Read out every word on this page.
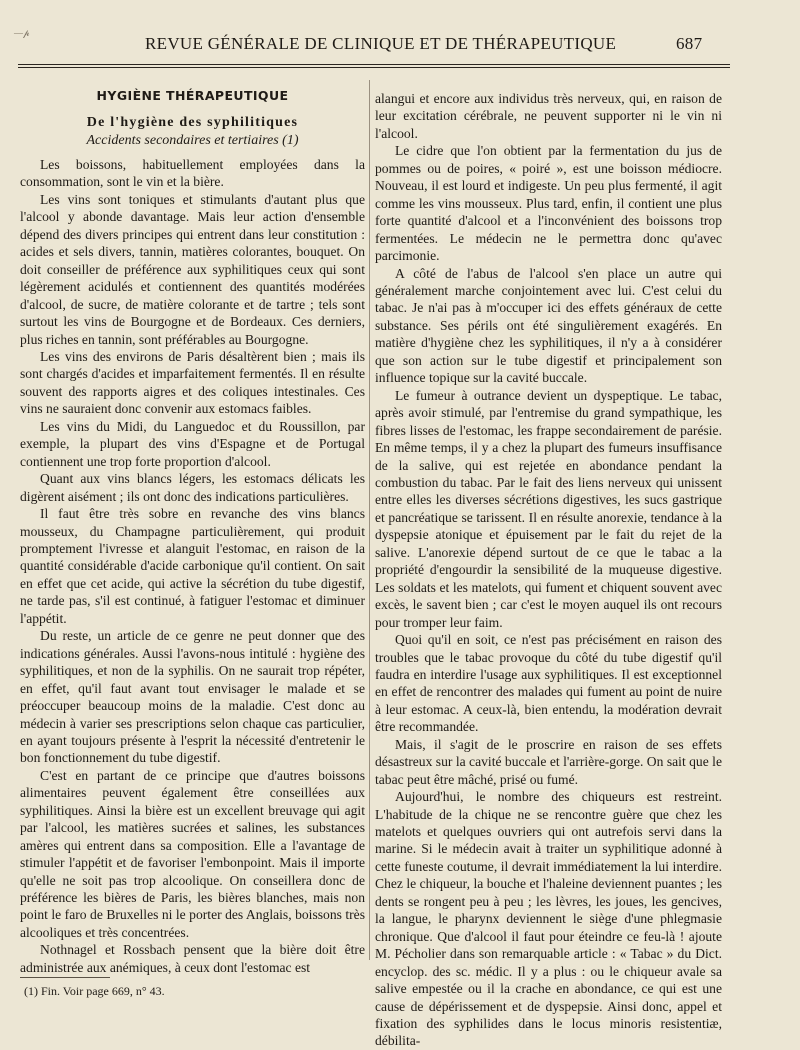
—𝓅
REVUE GÉNÉRALE DE CLINIQUE ET DE THÉRAPEUTIQUE	687
HYGIÈNE THÉRAPEUTIQUE
De l'hygiène des syphilitiques
Accidents secondaires et tertiaires (1)

Les boissons, habituellement employées dans la consommation, sont le vin et la bière.

Les vins sont toniques et stimulants d'autant plus que l'alcool y abonde davantage. Mais leur action d'ensemble dépend des divers principes qui entrent dans leur constitution : acides et sels divers, tannin, matières colorantes, bouquet. On doit conseiller de préférence aux syphilitiques ceux qui sont légèrement acidulés et contiennent des quantités modérées d'alcool, de sucre, de matière colorante et de tartre ; tels sont surtout les vins de Bourgogne et de Bordeaux. Ces derniers, plus riches en tannin, sont préférables au Bourgogne.

Les vins des environs de Paris désaltèrent bien ; mais ils sont chargés d'acides et imparfaitement fermentés. Il en résulte souvent des rapports aigres et des coliques intestinales. Ces vins ne sauraient donc convenir aux estomacs faibles.

Les vins du Midi, du Languedoc et du Roussillon, par exemple, la plupart des vins d'Espagne et de Portugal contiennent une trop forte proportion d'alcool.

Quant aux vins blancs légers, les estomacs délicats les digèrent aisément ; ils ont donc des indications particulières.

Il faut être très sobre en revanche des vins blancs mousseux, du Champagne particulièrement, qui produit promptement l'ivresse et alanguit l'estomac, en raison de la quantité considérable d'acide carbonique qu'il contient. On sait en effet que cet acide, qui active la sécrétion du tube digestif, ne tarde pas, s'il est continué, à fatiguer l'estomac et diminuer l'appétit.

Du reste, un article de ce genre ne peut donner que des indications générales. Aussi l'avons-nous intitulé : hygiène des syphilitiques, et non de la syphilis. On ne saurait trop répéter, en effet, qu'il faut avant tout envisager le malade et se préoccuper beaucoup moins de la maladie. C'est donc au médecin à varier ses prescriptions selon chaque cas particulier, en ayant toujours présente à l'esprit la nécessité d'entretenir le bon fonctionnement du tube digestif.

C'est en partant de ce principe que d'autres boissons alimentaires peuvent également être conseillées aux syphilitiques. Ainsi la bière est un excellent breuvage qui agit par l'alcool, les matières sucrées et salines, les substances amères qui entrent dans sa composition. Elle a l'avantage de stimuler l'appétit et de favoriser l'embonpoint. Mais il importe qu'elle ne soit pas trop alcoolique. On conseillera donc de préférence les bières de Paris, les bières blanches, mais non point le faro de Bruxelles ni le porter des Anglais, boissons très alcooliques et très concentrées.

Nothnagel et Rossbach pensent que la bière doit être administrée aux anémiques, à ceux dont l'estomac est

alangui et encore aux individus très nerveux, qui, en raison de leur excitation cérébrale, ne peuvent supporter ni le vin ni l'alcool.

Le cidre que l'on obtient par la fermentation du jus de pommes ou de poires, « poiré », est une boisson médiocre. Nouveau, il est lourd et indigeste. Un peu plus fermenté, il agit comme les vins mousseux. Plus tard, enfin, il contient une plus forte quantité d'alcool et a l'inconvénient des boissons trop fermentées. Le médecin ne le permettra donc qu'avec parcimonie.

A côté de l'abus de l'alcool s'en place un autre qui généralement marche conjointement avec lui. C'est celui du tabac. Je n'ai pas à m'occuper ici des effets généraux de cette substance. Ses périls ont été singulièrement exagérés. En matière d'hygiène chez les syphilitiques, il n'y a à considérer que son action sur le tube digestif et principalement son influence topique sur la cavité buccale.

Le fumeur à outrance devient un dyspeptique. Le tabac, après avoir stimulé, par l'entremise du grand sympathique, les fibres lisses de l'estomac, les frappe secondairement de parésie. En même temps, il y a chez la plupart des fumeurs insuffisance de la salive, qui est rejetée en abondance pendant la combustion du tabac. Par le fait des liens nerveux qui unissent entre elles les diverses sécrétions digestives, les sucs gastrique et pancréatique se tarissent. Il en résulte anorexie, tendance à la dyspepsie atonique et épuisement par le fait du rejet de la salive. L'anorexie dépend surtout de ce que le tabac a la propriété d'engourdir la sensibilité de la muqueuse digestive. Les soldats et les matelots, qui fument et chiquent souvent avec excès, le savent bien ; car c'est le moyen auquel ils ont recours pour tromper leur faim.

Quoi qu'il en soit, ce n'est pas précisément en raison des troubles que le tabac provoque du côté du tube digestif qu'il faudra en interdire l'usage aux syphilitiques. Il est exceptionnel en effet de rencontrer des malades qui fument au point de nuire à leur estomac. A ceux-là, bien entendu, la modération devrait être recommandée.

Mais, il s'agit de le proscrire en raison de ses effets désastreux sur la cavité buccale et l'arrière-gorge. On sait que le tabac peut être mâché, prisé ou fumé.

Aujourd'hui, le nombre des chiqueurs est restreint. L'habitude de la chique ne se rencontre guère que chez les matelots et quelques ouvriers qui ont autrefois servi dans la marine. Si le médecin avait à traiter un syphilitique adonné à cette funeste coutume, il devrait immédiatement la lui interdire. Chez le chiqueur, la bouche et l'haleine deviennent puantes ; les dents se rongent peu à peu ; les lèvres, les joues, les gencives, la langue, le pharynx deviennent le siège d'une phlegmasie chronique. Que d'alcool il faut pour éteindre ce feu-là ! ajoute M. Pécholier dans son remarquable article : « Tabac » du Dict. encyclop. des sc. médic. Il y a plus : ou le chiqueur avale sa salive empestée ou il la crache en abondance, ce qui est une cause de dépérissement et de dyspepsie. Ainsi donc, appel et fixation des syphilides dans le locus minoris resistentiæ, débilita-

(1) Fin. Voir page 669, n° 43.
